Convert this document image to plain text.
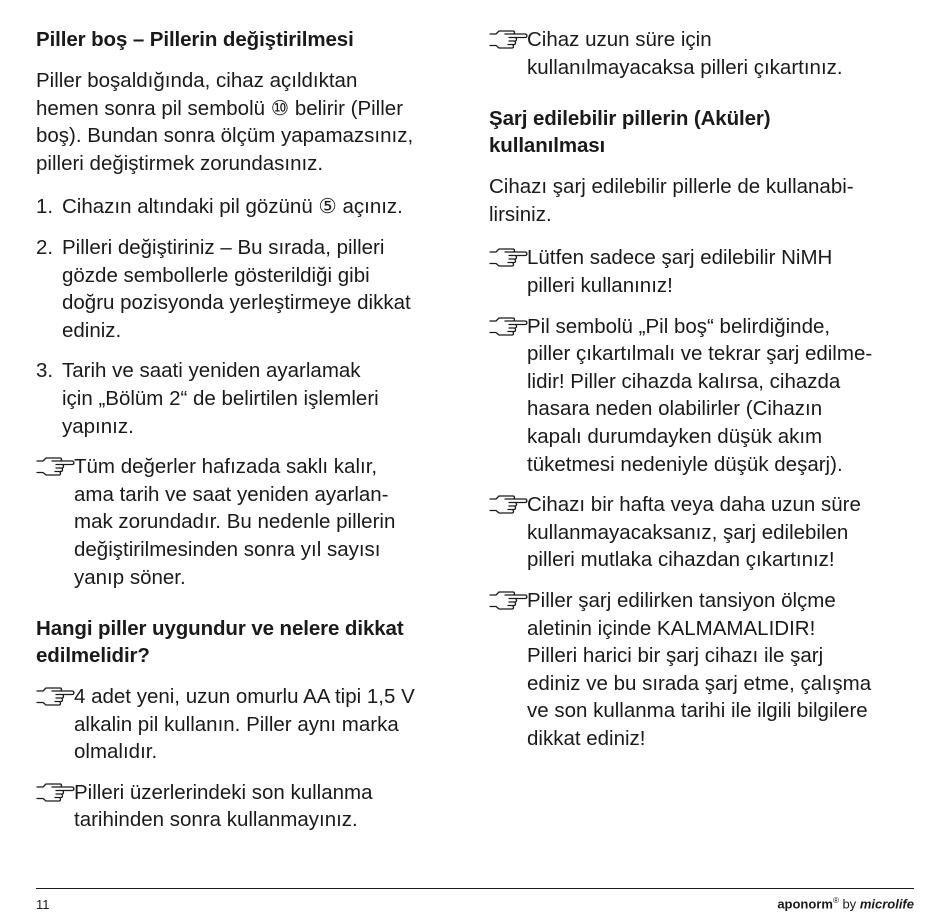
Piller boş – Pillerin değiştirilmesi

Piller boşaldığında, cihaz açıldıktan
hemen sonra pil sembolü ⑩ belirir (Piller
boş). Bundan sonra ölçüm yapamazsınız,
pilleri değiştirmek zorundasınız.

1. Cihazın altındaki pil gözünü ⑤ açınız.
2. Pilleri değiştiriniz – Bu sırada, pilleri
gözde sembollerle gösterildiği gibi
doğru pozisyonda yerleştirmeye dikkat
ediniz.
3. Tarih ve saati yeniden ayarlamak
için „Bölüm 2“ de belirtilen işlemleri
yapınız.
Tüm değerler hafızada saklı kalır,
ama tarih ve saat yeniden ayarlan-
mak zorundadır. Bu nedenle pillerin
değiştirilmesinden sonra yıl sayısı
yanıp söner.
Hangi piller uygundur ve nelere dikkat
edilmelidir?
4 adet yeni, uzun omurlu AA tipi 1,5 V
alkalin pil kullanın. Piller aynı marka
olmalıdır.
Pilleri üzerlerindeki son kullanma
tarihinden sonra kullanmayınız.
Cihaz uzun süre için
kullanılmayacaksa pilleri çıkartınız.
Şarj edilebilir pillerin (Aküler)
kullanılması

Cihazı şarj edilebilir pillerle de kullanabi-
lirsiniz.

Lütfen sadece şarj edilebilir NiMH
pilleri kullanınız!
Pil sembolü „Pil boş“ belirdiğinde,
piller çıkartılmalı ve tekrar şarj edilme-
lidir! Piller cihazda kalırsa, cihazda
hasara neden olabilirler (Cihazın
kapalı durumdayken düşük akım
tüketmesi nedeniyle düşük deşarj).
Cihazı bir hafta veya daha uzun süre
kullanmayacaksanız, şarj edilebilen
pilleri mutlaka cihazdan çıkartınız!
Piller şarj edilirken tansiyon ölçme
aletinin içinde KALMAMALIDIR!
Pilleri harici bir şarj cihazı ile şarj
ediniz ve bu sırada şarj etme, çalışma
ve son kullanma tarihi ile ilgili bilgilere
dikkat ediniz!
11	aponorm® by microlife
